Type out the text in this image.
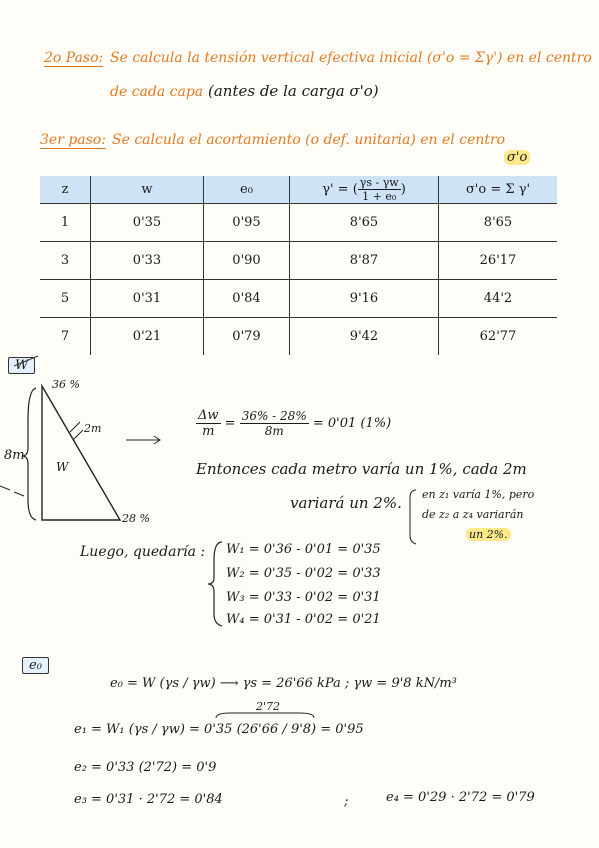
2o Paso: Se calcula la tensión vertical efectiva inicial (σ'o = Σγ') en el centro
de cada capa (antes de la carga σ'o)
3er paso: Se calcula el acortamiento (o def. unitaria) en el centro
σ'o
z	w	e₀	γ' = ( $\frac{\gamma s - \gamma w}{\text{1 + e₀}}$ )	σ'o = Σ γ'
1	0'35	0'95	8'65	8'65
3	0'33	0'90	8'87	26'17
5	0'31	0'84	9'16	44'2
7	0'21	0'79	9'42	62'77
W
36 %
28 %
2m
8m
W
$\frac{\Delta w}{m} = \frac{36\% - 28\%}{8m} = 0'01$ (1%)
Entonces cada metro varía un 1%, cada 2m
variará un 2%. en z₁ varía 1%, pero
de z₂ a z₄ variarán
un 2%.
Luego, quedaría : W₁ = 0'36 - 0'01 = 0'35
W₂ = 0'35 - 0'02 = 0'33
W₃ = 0'33 - 0'02 = 0'31
W₄ = 0'31 - 0'02 = 0'21
e₀
e₀ = W (γs / γw) ⟶ γs = 26'66 kPa ; γw = 9'8 kN/m³
2'72
e₁ = W₁ (γs / γw) = 0'35 (26'66 / 9'8) = 0'95
e₂ = 0'33 (2'72) = 0'9
e₃ = 0'31 · 2'72 = 0'84	;	e₄ = 0'29 · 2'72 = 0'79
